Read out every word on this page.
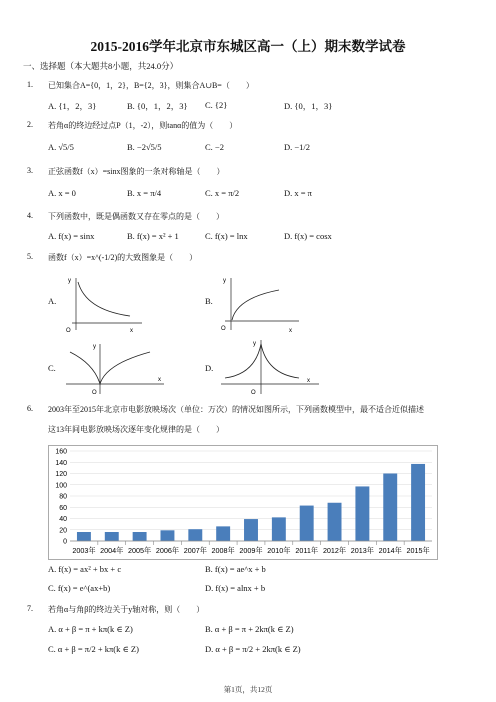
2015-2016学年北京市东城区高一（上）期末数学试卷
一、选择题（本大题共8小题，共24.0分）
1. 已知集合A={0，1，2}，B={2，3}，则集合A∪B=（　　）
A. {1，2，3}	B. {0，1，2，3} C. {2}	D. {0，1，3}
2. 若角α的终边经过点P（1，-2），则tanα的值为（　　）
A. √5/5	B. −2√5/5	C. −2	D. −1/2
3. 正弦函数f（x）=sinx图象的一条对称轴是（　　）
A. x = 0	B. x = π/4	C. x = π/2	D. x = π
4. 下列函数中，既是偶函数又存在零点的是（　　）
A. f(x) = sinx	B. f(x) = x² + 1	C. f(x) = lnx	D. f(x) = cosx
5. 函数f（x）=x^(-1/2)的大致图象是（　　）
A.
y
x
O
B.
y
x
O
C.
y
x
O
D.
y
x
O
6. 2003年至2015年北京市电影放映场次（单位：万次）的情况如图所示，下列函数模型中，最不适合近似描述
这13年间电影放映场次逐年变化规律的是（　　）
0
20
40
60
80
100
120
140
160
2003年 2004年 2005年 2006年 2007年 2008年 2009年 2010年 2011年 2012年 2013年 2014年 2015年
A. f(x) = ax² + bx + c	B. f(x) = ae^x + b
C. f(x) = e^(ax+b)	D. f(x) = alnx + b
7. 若角α与角β的终边关于y轴对称，则（　　）
A. α + β = π + kπ(k ∈ Z)	B. α + β = π + 2kπ(k ∈ Z)
C. α + β = π/2 + kπ(k ∈ Z)	D. α + β = π/2 + 2kπ(k ∈ Z)
第1页，共12页
